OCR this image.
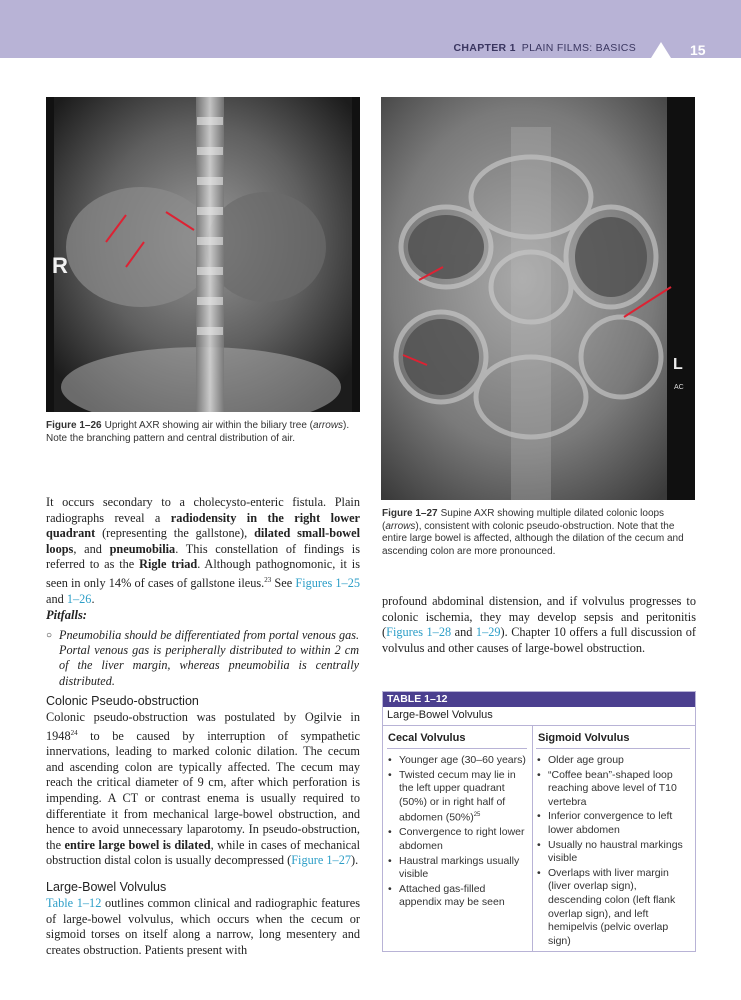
CHAPTER 1 PLAIN FILMS: BASICS	15
R
Figure 1–26 Upright AXR showing air within the biliary tree (arrows). Note the branching pattern and central distribution of air.
L
AC
Figure 1–27 Supine AXR showing multiple dilated colonic loops (arrows), consistent with colonic pseudo-obstruction. Note that the entire large bowel is affected, although the dilation of the cecum and ascending colon are more pronounced.

It occurs secondary to a cholecysto-enteric fistula. Plain radiographs reveal a radiodensity in the right lower quadrant (representing the gallstone), dilated small-bowel loops, and pneumobilia. This constellation of findings is referred to as the Rigle triad. Although pathognomonic, it is seen in only 14% of cases of gallstone ileus.$^{23}$ See Figures 1–25 and 1–26.

Pitfalls:
○ Pneumobilia should be differentiated from portal venous gas. Portal venous gas is peripherally distributed to within 2 cm of the liver margin, whereas pneumobilia is centrally distributed.
Colonic Pseudo-obstruction

Colonic pseudo-obstruction was postulated by Ogilvie in 1948$^{24}$ to be caused by interruption of sympathetic innervations, leading to marked colonic dilation. The cecum and ascending colon are typically affected. The cecum may reach the critical diameter of 9 cm, after which perforation is impending. A CT or contrast enema is usually required to differentiate it from mechanical large-bowel obstruction, and hence to avoid unnecessary laparotomy. In pseudo-obstruction, the entire large bowel is dilated, while in cases of mechanical obstruction distal colon is usually decompressed (Figure 1–27).

Large-Bowel Volvulus

Table 1–12 outlines common clinical and radiographic features of large-bowel volvulus, which occurs when the cecum or sigmoid torses on itself along a narrow, long mesentery and creates obstruction. Patients present with

profound abdominal distension, and if volvulus progresses to colonic ischemia, they may develop sepsis and peritonitis (Figures 1–28 and 1–29). Chapter 10 offers a full discussion of volvulus and other causes of large-bowel obstruction.

TABLE 1–12
Large-Bowel Volvulus
Cecal Volvulus	Sigmoid Volvulus
• Younger age (30–60 years)
• Twisted cecum may lie in the left upper quadrant (50%) or in right half of abdomen $(50\%)^{25}$
• Convergence to right lower abdomen
• Haustral markings usually visible
• Attached gas-filled appendix may be seen
• Older age group
• “Coffee bean”-shaped loop reaching above level of T10 vertebra
• Inferior convergence to left lower abdomen
• Usually no haustral markings visible
• Overlaps with liver margin (liver overlap sign), descending colon (left flank overlap sign), and left hemipelvis (pelvic overlap sign)
